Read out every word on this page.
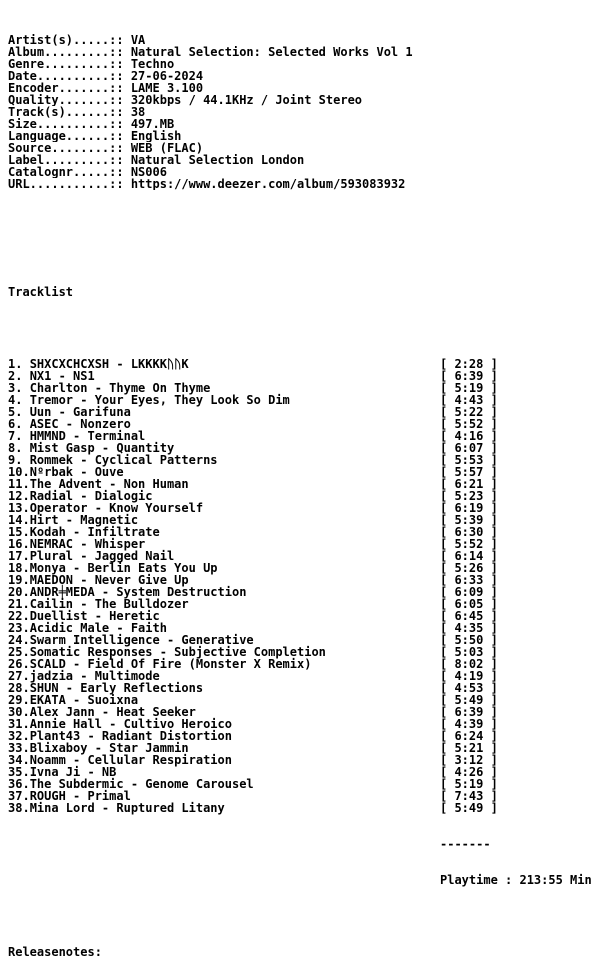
Artist(s).....:: VA
Album.........:: Natural Selection: Selected Works Vol 1
Genre.........:: Techno
Date..........:: 27-06-2024
Encoder.......:: LAME 3.100
Quality.......:: 320kbps / 44.1KHz / Joint Stereo
Track(s)......:: 38
Size..........:: 497.MB
Language......:: English
Source........:: WEB (FLAC)
Label.........:: Natural Selection London
Catalognr.....:: NS006
URL...........:: https://www.deezer.com/album/593083932

Tracklist

1. SHXCXCHCXSH - LKKKKᚢᚢK	[ 2:28 ]
2. NX1 - NS1	[ 6:39 ]
3. Charlton - Thyme On Thyme	[ 5:19 ]
4. Tremor - Your Eyes, They Look So Dim	[ 4:43 ]
5. Uun - Garifuna	[ 5:22 ]
6. ASEC - Nonzero	[ 5:52 ]
7. HMMND - Terminal	[ 4:16 ]
8. Mist Gasp - Quantity	[ 6:07 ]
9. Rommek - Cyclical Patterns	[ 5:53 ]
10.Nºrbak - Ouve	[ 5:57 ]
11.The Advent - Non Human	[ 6:21 ]
12.Radial - Dialogic	[ 5:23 ]
13.Operator - Know Yourself	[ 6:19 ]
14.Hirt - Magnetic	[ 5:39 ]
15.Kodah - Infiltrate	[ 6:30 ]
16.NEMRAC - Whisper	[ 5:52 ]
17.Plural - Jagged Nail	[ 6:14 ]
18.Monya - Berlin Eats You Up	[ 5:26 ]
19.MAEDON - Never Give Up	[ 6:33 ]
20.ANDR╪MEDA - System Destruction	[ 6:09 ]
21.Cailin - The Bulldozer	[ 6:05 ]
22.Duellist - Heretic	[ 6:45 ]
23.Acidic Male - Faith	[ 4:35 ]
24.Swarm Intelligence - Generative	[ 5:50 ]
25.Somatic Responses - Subjective Completion	[ 5:03 ]
26.SCALD - Field Of Fire (Monster X Remix)	[ 8:02 ]
27.jadzia - Multimode	[ 4:19 ]
28.SHUN - Early Reflections	[ 4:53 ]
29.EKATA - Suoixna	[ 5:49 ]
30.Alex Jann - Heat Seeker	[ 6:39 ]
31.Annie Hall - Cultivo Heroico	[ 4:39 ]
32.Plant43 - Radiant Distortion	[ 6:24 ]
33.Blixaboy - Star Jammin	[ 5:21 ]
34.Noamm - Cellular Respiration	[ 3:12 ]
35.Ivna Ji - NB	[ 4:26 ]
36.The Subdermic - Genome Carousel	[ 5:19 ]
37.ROUGH - Primal	[ 7:43 ]
38.Mina Lord - Ruptured Litany	[ 5:49 ]

-------

Playtime : 213:55 Min

Releasenotes:
